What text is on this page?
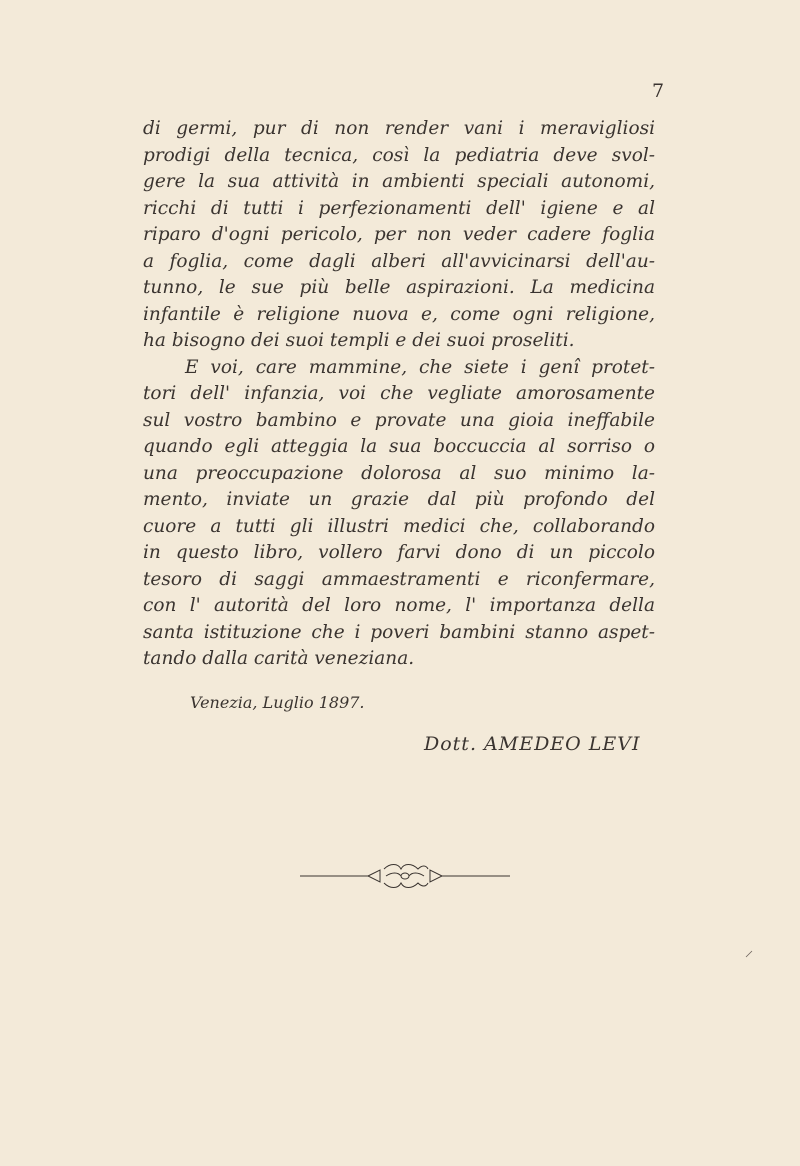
7
di germi, pur di non render vani i meravigliosi
prodigi della tecnica, così la pediatria deve svol-
gere la sua attività in ambienti speciali autonomi,
ricchi di tutti i perfezionamenti dell' igiene e al
riparo d'ogni pericolo, per non veder cadere foglia
a foglia, come dagli alberi all'avvicinarsi dell'au-
tunno, le sue più belle aspirazioni. La medicina
infantile è religione nuova e, come ogni religione,
ha bisogno dei suoi templi e dei suoi proseliti.
E voi, care mammine, che siete i genî protet-
tori dell' infanzia, voi che vegliate amorosamente
sul vostro bambino e provate una gioia ineffabile
quando egli atteggia la sua boccuccia al sorriso o
una preoccupazione dolorosa al suo minimo la-
mento, inviate un grazie dal più profondo del
cuore a tutti gli illustri medici che, collaborando
in questo libro, vollero farvi dono di un piccolo
tesoro di saggi ammaestramenti e riconfermare,
con l' autorità del loro nome, l' importanza della
santa istituzione che i poveri bambini stanno aspet-
tando dalla carità veneziana.
Venezia, Luglio 1897.
Dott. AMEDEO LEVI
